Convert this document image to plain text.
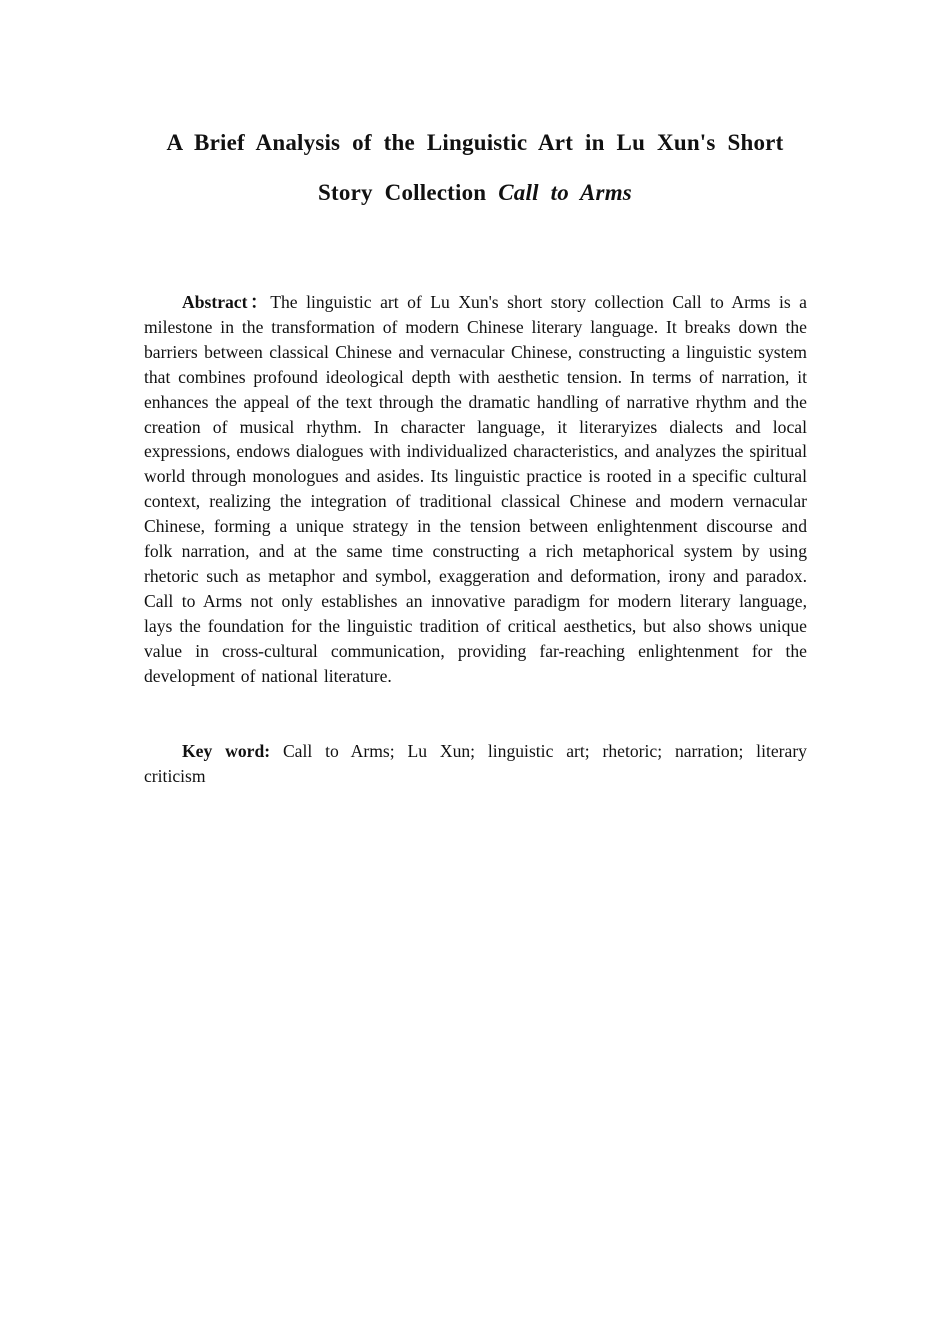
A Brief Analysis of the Linguistic Art in Lu Xun's Short
Story Collection Call to Arms

Abstract：The linguistic art of Lu Xun's short story collection Call to Arms is a milestone in the transformation of modern Chinese literary language. It breaks down the barriers between classical Chinese and vernacular Chinese, constructing a linguistic system that combines profound ideological depth with aesthetic tension. In terms of narration, it enhances the appeal of the text through the dramatic handling of narrative rhythm and the creation of musical rhythm. In character language, it literaryizes dialects and local expressions, endows dialogues with individualized characteristics, and analyzes the spiritual world through monologues and asides. Its linguistic practice is rooted in a specific cultural context, realizing the integration of traditional classical Chinese and modern vernacular Chinese, forming a unique strategy in the tension between enlightenment discourse and folk narration, and at the same time constructing a rich metaphorical system by using rhetoric such as metaphor and symbol, exaggeration and deformation, irony and paradox. Call to Arms not only establishes an innovative paradigm for modern literary language, lays the foundation for the linguistic tradition of critical aesthetics, but also shows unique value in cross-cultural communication, providing far-reaching enlightenment for the development of national literature.

Key word: Call to Arms; Lu Xun; linguistic art; rhetoric; narration; literary criticism
